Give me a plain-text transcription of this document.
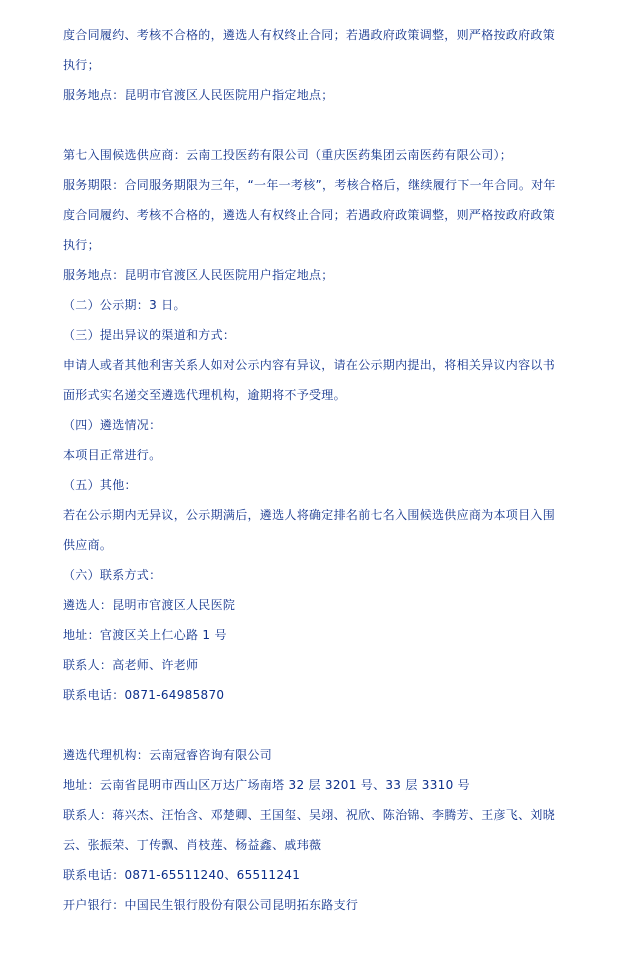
度合同履约、考核不合格的，遴选人有权终止合同；若遇政府政策调整，则严格按政府政策
执行；
服务地点：昆明市官渡区人民医院用户指定地点；
第七入围候选供应商：云南工投医药有限公司（重庆医药集团云南医药有限公司）；
服务期限：合同服务期限为三年，“一年一考核”，考核合格后，继续履行下一年合同。对年
度合同履约、考核不合格的，遴选人有权终止合同；若遇政府政策调整，则严格按政府政策
执行；
服务地点：昆明市官渡区人民医院用户指定地点；
（二）公示期：3 日。
（三）提出异议的渠道和方式：
申请人或者其他利害关系人如对公示内容有异议，请在公示期内提出，将相关异议内容以书
面形式实名递交至遴选代理机构，逾期将不予受理。
（四）遴选情况：
本项目正常进行。
（五）其他：
若在公示期内无异议，公示期满后，遴选人将确定排名前七名入围候选供应商为本项目入围
供应商。
（六）联系方式：
遴选人：昆明市官渡区人民医院
地址：官渡区关上仁心路 1 号
联系人：高老师、许老师
联系电话：0871-64985870
遴选代理机构：云南冠睿咨询有限公司
地址：云南省昆明市西山区万达广场南塔 32 层 3201 号、33 层 3310 号
联系人：蒋兴杰、汪怡含、邓楚卿、王国玺、吴翊、祝欣、陈治锦、李腾芳、王彦飞、刘晓
云、张振荣、丁传飘、肖枝莲、杨益鑫、戚玮薇
联系电话：0871-65511240、65511241
开户银行：中国民生银行股份有限公司昆明拓东路支行
